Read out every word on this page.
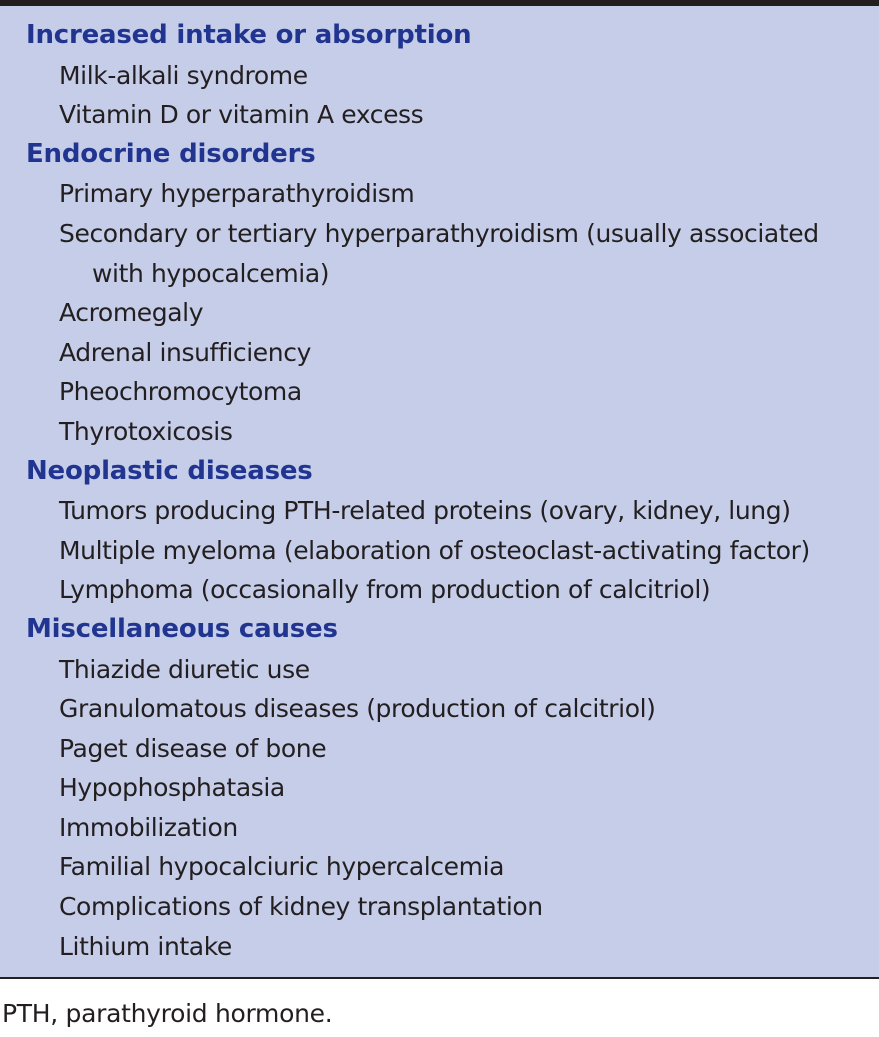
Increased intake or absorption
Milk-alkali syndrome
Vitamin D or vitamin A excess
Endocrine disorders
Primary hyperparathyroidism
Secondary or tertiary hyperparathyroidism (usually associated with hypocalcemia)
Acromegaly
Adrenal insufficiency
Pheochromocytoma
Thyrotoxicosis
Neoplastic diseases
Tumors producing PTH-related proteins (ovary, kidney, lung)
Multiple myeloma (elaboration of osteoclast-activating factor)
Lymphoma (occasionally from production of calcitriol)
Miscellaneous causes
Thiazide diuretic use
Granulomatous diseases (production of calcitriol)
Paget disease of bone
Hypophosphatasia
Immobilization
Familial hypocalciuric hypercalcemia
Complications of kidney transplantation
Lithium intake
PTH, parathyroid hormone.
